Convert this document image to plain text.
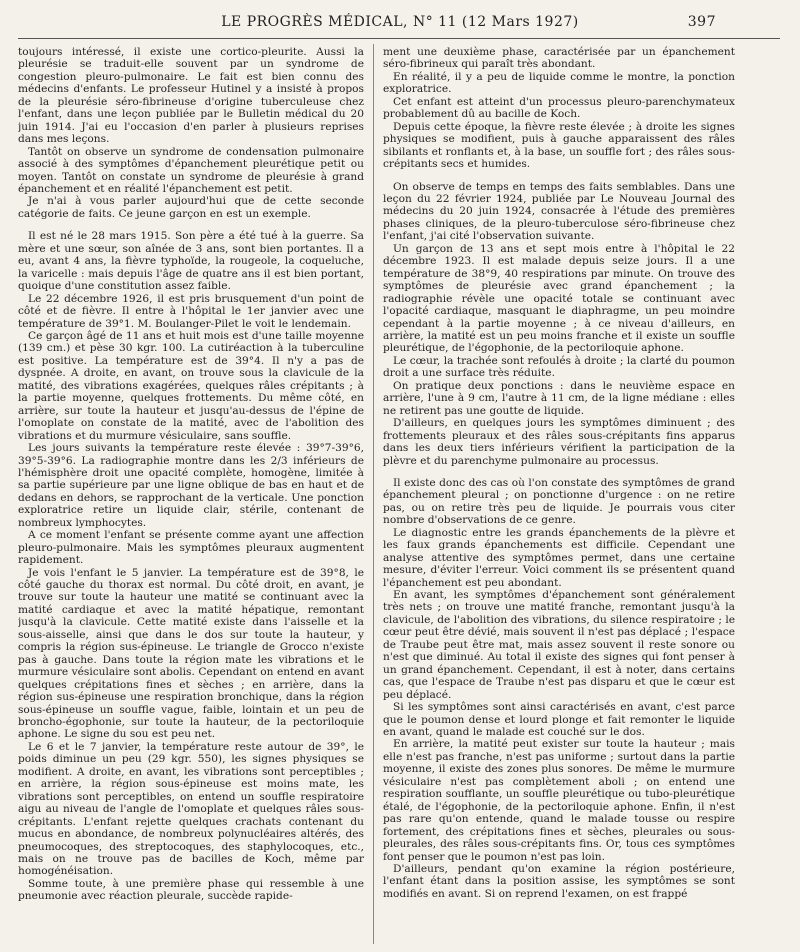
LE PROGRÈS MÉDICAL, N° 11 (12 Mars 1927)	397

toujours intéressé, il existe une cortico-pleurite. Aussi la pleurésie se traduit-elle souvent par un syndrome de congestion pleuro-pulmonaire. Le fait est bien connu des médecins d'enfants. Le professeur Hutinel y a insisté à propos de la pleurésie séro-fibrineuse d'origine tuberculeuse chez l'enfant, dans une leçon publiée par le Bulletin médical du 20 juin 1914. J'ai eu l'occasion d'en parler à plusieurs reprises dans mes leçons.

Tantôt on observe un syndrome de condensation pulmonaire associé à des symptômes d'épanchement pleurétique petit ou moyen. Tantôt on constate un syndrome de pleurésie à grand épanchement et en réalité l'épanchement est petit.

Je n'ai à vous parler aujourd'hui que de cette seconde catégorie de faits. Ce jeune garçon en est un exemple.

Il est né le 28 mars 1915. Son père a été tué à la guerre. Sa mère et une sœur, son aînée de 3 ans, sont bien portantes. Il a eu, avant 4 ans, la fièvre typhoïde, la rougeole, la coqueluche, la varicelle : mais depuis l'âge de quatre ans il est bien portant, quoique d'une constitution assez faible.

Le 22 décembre 1926, il est pris brusquement d'un point de côté et de fièvre. Il entre à l'hôpital le 1er janvier avec une température de 39°1. M. Boulanger-Pilet le voit le lendemain.

Ce garçon âgé de 11 ans et huit mois est d'une taille moyenne (139 cm.) et pèse 30 kgr. 100. La cutiréaction à la tuberculine est positive. La température est de 39°4. Il n'y a pas de dyspnée. A droite, en avant, on trouve sous la clavicule de la matité, des vibrations exagérées, quelques râles crépitants ; à la partie moyenne, quelques frottements. Du même côté, en arrière, sur toute la hauteur et jusqu'au-dessus de l'épine de l'omoplate on constate de la matité, avec de l'abolition des vibrations et du murmure vésiculaire, sans souffle.

Les jours suivants la température reste élevée : 39°7-39°6, 39°5-39°6. La radiographie montre dans les 2/3 inférieurs de l'hémisphère droit une opacité complète, homogène, limitée à sa partie supérieure par une ligne oblique de bas en haut et de dedans en dehors, se rapprochant de la verticale. Une ponction exploratrice retire un liquide clair, stérile, contenant de nombreux lymphocytes.

A ce moment l'enfant se présente comme ayant une affection pleuro-pulmonaire. Mais les symptômes pleuraux augmentent rapidement.

Je vois l'enfant le 5 janvier. La température est de 39°8, le côté gauche du thorax est normal. Du côté droit, en avant, je trouve sur toute la hauteur une matité se continuant avec la matité cardiaque et avec la matité hépatique, remontant jusqu'à la clavicule. Cette matité existe dans l'aisselle et la sous-aisselle, ainsi que dans le dos sur toute la hauteur, y compris la région sus-épineuse. Le triangle de Grocco n'existe pas à gauche. Dans toute la région mate les vibrations et le murmure vésiculaire sont abolis. Cependant on entend en avant quelques crépitations fines et sèches ; en arrière, dans la région sus-épineuse une respiration bronchique, dans la région sous-épineuse un souffle vague, faible, lointain et un peu de broncho-égophonie, sur toute la hauteur, de la pectoriloquie aphone. Le signe du sou est peu net.

Le 6 et le 7 janvier, la température reste autour de 39°, le poids diminue un peu (29 kgr. 550), les signes physiques se modifient. A droite, en avant, les vibrations sont perceptibles ; en arrière, la région sous-épineuse est moins mate, les vibrations sont perceptibles, on entend un souffle respiratoire aigu au niveau de l'angle de l'omoplate et quelques râles sous-crépitants. L'enfant rejette quelques crachats contenant du mucus en abondance, de nombreux polynucléaires altérés, des pneumocoques, des streptocoques, des staphylocoques, etc., mais on ne trouve pas de bacilles de Koch, même par homogénéisation.

Somme toute, à une première phase qui ressemble à une pneumonie avec réaction pleurale, succède rapide-

ment une deuxième phase, caractérisée par un épanchement séro-fibrineux qui paraît très abondant.

En réalité, il y a peu de liquide comme le montre, la ponction exploratrice.

Cet enfant est atteint d'un processus pleuro-parenchymateux probablement dû au bacille de Koch.

Depuis cette époque, la fièvre reste élevée ; à droite les signes physiques se modifient, puis à gauche apparaissent des râles sibilants et ronflants et, à la base, un souffle fort ; des râles sous-crépitants secs et humides.

On observe de temps en temps des faits semblables. Dans une leçon du 22 février 1924, publiée par Le Nouveau Journal des médecins du 20 juin 1924, consacrée à l'étude des premières phases cliniques, de la pleuro-tuberculose séro-fibrineuse chez l'enfant, j'ai cité l'observation suivante.

Un garçon de 13 ans et sept mois entre à l'hôpital le 22 décembre 1923. Il est malade depuis seize jours. Il a une température de 38°9, 40 respirations par minute. On trouve des symptômes de pleurésie avec grand épanchement ; la radiographie révèle une opacité totale se continuant avec l'opacité cardiaque, masquant le diaphragme, un peu moindre cependant à la partie moyenne ; à ce niveau d'ailleurs, en arrière, la matité est un peu moins franche et il existe un souffle pleurétique, de l'égophonie, de la pectoriloquie aphone.

Le cœur, la trachée sont refoulés à droite ; la clarté du poumon droit a une surface très réduite.

On pratique deux ponctions : dans le neuvième espace en arrière, l'une à 9 cm, l'autre à 11 cm, de la ligne médiane : elles ne retirent pas une goutte de liquide.

D'ailleurs, en quelques jours les symptômes diminuent ; des frottements pleuraux et des râles sous-crépitants fins apparus dans les deux tiers inférieurs vérifient la participation de la plèvre et du parenchyme pulmonaire au processus.

Il existe donc des cas où l'on constate des symptômes de grand épanchement pleural ; on ponctionne d'urgence : on ne retire pas, ou on retire très peu de liquide. Je pourrais vous citer nombre d'observations de ce genre.

Le diagnostic entre les grands épanchements de la plèvre et les faux grands épanchements est difficile. Cependant une analyse attentive des symptômes permet, dans une certaine mesure, d'éviter l'erreur. Voici comment ils se présentent quand l'épanchement est peu abondant.

En avant, les symptômes d'épanchement sont généralement très nets ; on trouve une matité franche, remontant jusqu'à la clavicule, de l'abolition des vibrations, du silence respiratoire ; le cœur peut être dévié, mais souvent il n'est pas déplacé ; l'espace de Traube peut être mat, mais assez souvent il reste sonore ou n'est que diminué. Au total il existe des signes qui font penser à un grand épanchement. Cependant, il est à noter, dans certains cas, que l'espace de Traube n'est pas disparu et que le cœur est peu déplacé.

Si les symptômes sont ainsi caractérisés en avant, c'est parce que le poumon dense et lourd plonge et fait remonter le liquide en avant, quand le malade est couché sur le dos.

En arrière, la matité peut exister sur toute la hauteur ; mais elle n'est pas franche, n'est pas uniforme ; surtout dans la partie moyenne, il existe des zones plus sonores. De même le murmure vésiculaire n'est pas complètement aboli ; on entend une respiration soufflante, un souffle pleurétique ou tubo-pleurétique étalé, de l'égophonie, de la pectoriloquie aphone. Enfin, il n'est pas rare qu'on entende, quand le malade tousse ou respire fortement, des crépitations fines et sèches, pleurales ou sous-pleurales, des râles sous-crépitants fins. Or, tous ces symptômes font penser que le poumon n'est pas loin.

D'ailleurs, pendant qu'on examine la région postérieure, l'enfant étant dans la position assise, les symptômes se sont modifiés en avant. Si on reprend l'examen, on est frappé
